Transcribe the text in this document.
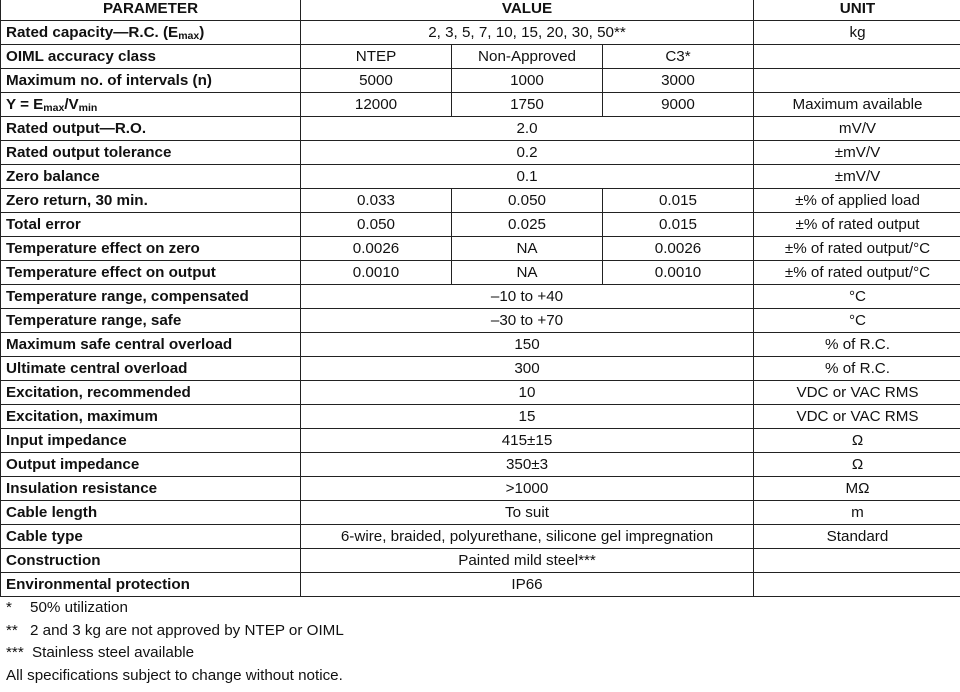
PARAMETER	VALUE			UNIT
Rated capacity—R.C. $(E_{max})$	2, 3, 5, 7, 10, 15, 20, 30, 50**			kg
OIML accuracy class	NTEP	Non-Approved	C3*	
Maximum no. of intervals (n)	5000	1000	3000	
$Y = E_{max}/V_{min}$	12000	1750	9000	Maximum available
Rated output—R.O.	2.0			mV/V
Rated output tolerance	0.2			±mV/V
Zero balance	0.1			±mV/V
Zero return, 30 min.	0.033	0.050	0.015	±% of applied load
Total error	0.050	0.025	0.015	±% of rated output
Temperature effect on zero	0.0026	NA	0.0026	±% of rated output/°C
Temperature effect on output	0.0010	NA	0.0010	±% of rated output/°C
Temperature range, compensated	–10 to +40			°C
Temperature range, safe	–30 to +70			°C
Maximum safe central overload	150			% of R.C.
Ultimate central overload	300			% of R.C.
Excitation, recommended	10			VDC or VAC RMS
Excitation, maximum	15			VDC or VAC RMS
Input impedance	415±15			Ω
Output impedance	350±3			Ω
Insulation resistance	>1000			MΩ
Cable length	To suit			m
Cable type	6-wire, braided, polyurethane, silicone gel impregnation			Standard
Construction	Painted mild steel***			
Environmental protection	IP66			
* 50% utilization
** 2 and 3 kg are not approved by NTEP or OIML
*** Stainless steel available
All specifications subject to change without notice.
